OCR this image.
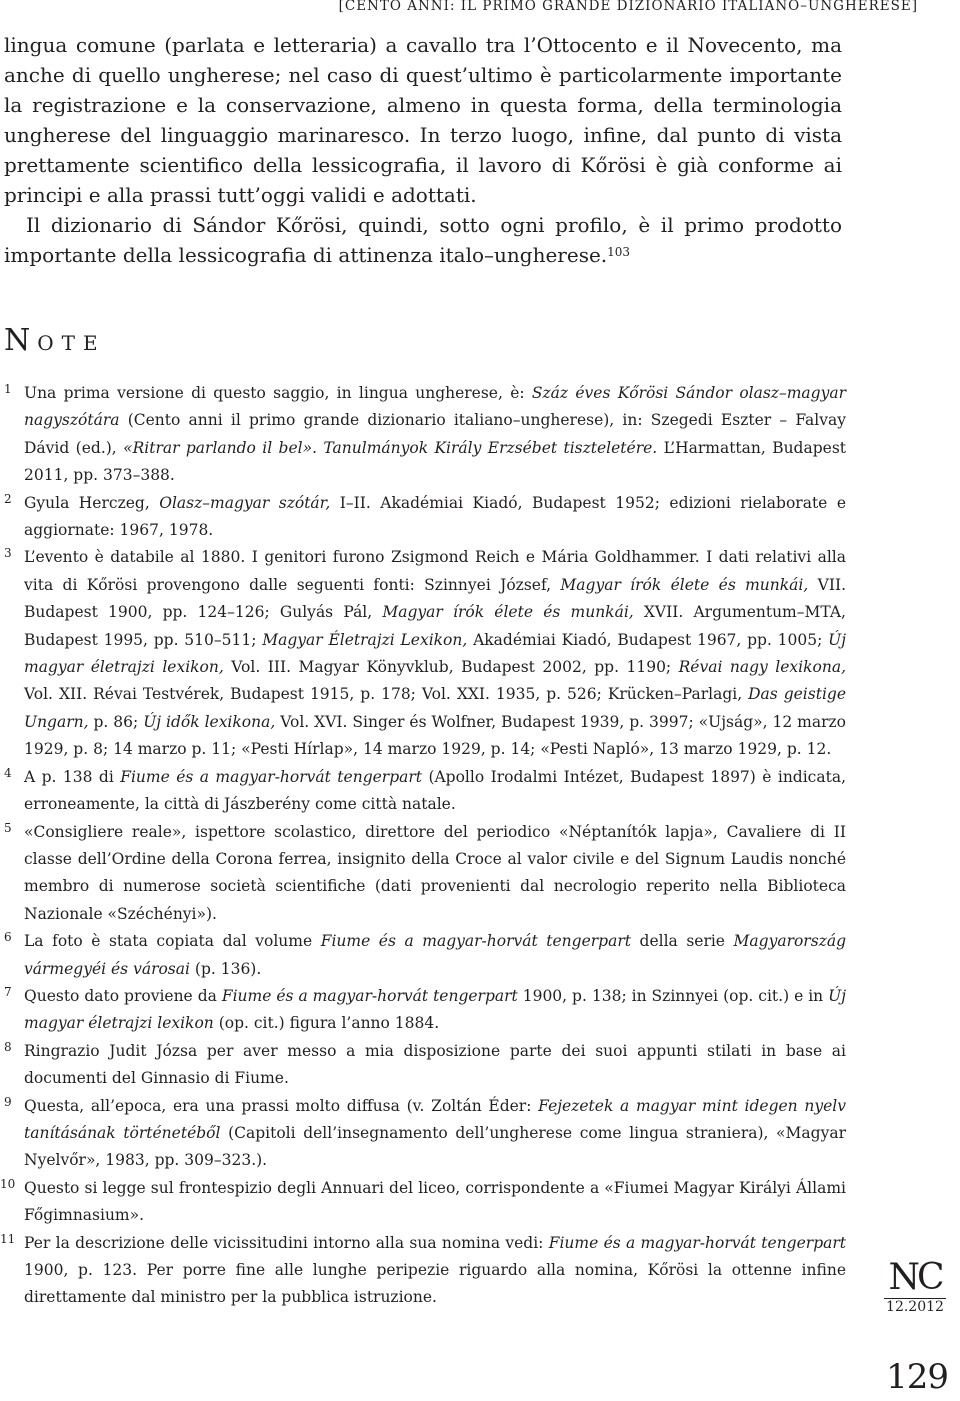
[CENTO ANNI: IL PRIMO GRANDE DIZIONARIO ITALIANO–UNGHERESE]

lingua comune (parlata e letteraria) a cavallo tra l’Ottocento e il Novecento, ma anche di quello ungherese; nel caso di quest’ultimo è particolarmente importante la registrazione e la conservazione, almeno in questa forma, della terminologia ungherese del linguaggio marinaresco. In terzo luogo, infine, dal punto di vista prettamente scientifico della lessicografia, il lavoro di Kőrösi è già conforme ai principi e alla prassi tutt’oggi validi e adottati.

Il dizionario di Sándor Kőrösi, quindi, sotto ogni profilo, è il primo prodotto importante della lessicografia di attinenza italo–ungherese.$^{103}$

NOTE

1 Una prima versione di questo saggio, in lingua ungherese, è: Száz éves Kőrösi Sándor olasz–magyar nagyszótára (Cento anni il primo grande dizionario italiano–ungherese), in: Szegedi Eszter – Falvay Dávid (ed.), «Ritrar parlando il bel». Tanulmányok Király Erzsébet tiszteletére. L’Harmattan, Budapest 2011, pp. 373–388.

2 Gyula Herczeg, Olasz–magyar szótár, I–II. Akadémiai Kiadó, Budapest 1952; edizioni rielaborate e aggiornate: 1967, 1978.

3 L’evento è databile al 1880. I genitori furono Zsigmond Reich e Mária Goldhammer. I dati relativi alla vita di Kőrösi provengono dalle seguenti fonti: Szinnyei József, Magyar írók élete és munkái, VII. Budapest 1900, pp. 124–126; Gulyás Pál, Magyar írók élete és munkái, XVII. Argumentum–MTA, Budapest 1995, pp. 510–511; Magyar Életrajzi Lexikon, Akadémiai Kiadó, Budapest 1967, pp. 1005; Új magyar életrajzi lexikon, Vol. III. Magyar Könyvklub, Budapest 2002, pp. 1190; Révai nagy lexikona, Vol. XII. Révai Testvérek, Budapest 1915, p. 178; Vol. XXI. 1935, p. 526; Krücken–Parlagi, Das geistige Ungarn, p. 86; Új idők lexikona, Vol. XVI. Singer és Wolfner, Budapest 1939, p. 3997; «Ujság», 12 marzo 1929, p. 8; 14 marzo p. 11; «Pesti Hírlap», 14 marzo 1929, p. 14; «Pesti Napló», 13 marzo 1929, p. 12.

4 A p. 138 di Fiume és a magyar-horvát tengerpart (Apollo Irodalmi Intézet, Budapest 1897) è indicata, erroneamente, la città di Jászberény come città natale.

5 «Consigliere reale», ispettore scolastico, direttore del periodico «Néptanítók lapja», Cavaliere di II classe dell’Ordine della Corona ferrea, insignito della Croce al valor civile e del Signum Laudis nonché membro di numerose società scientifiche (dati provenienti dal necrologio reperito nella Biblioteca Nazionale «Széchényi»).

6 La foto è stata copiata dal volume Fiume és a magyar-horvát tengerpart della serie Magyarország vármegyéi és városai (p. 136).

7 Questo dato proviene da Fiume és a magyar-horvát tengerpart 1900, p. 138; in Szinnyei (op. cit.) e in Új magyar életrajzi lexikon (op. cit.) figura l’anno 1884.

8 Ringrazio Judit Józsa per aver messo a mia disposizione parte dei suoi appunti stilati in base ai documenti del Ginnasio di Fiume.

9 Questa, all’epoca, era una prassi molto diffusa (v. Zoltán Éder: Fejezetek a magyar mint idegen nyelv tanításának történetéből (Capitoli dell’insegnamento dell’ungherese come lingua straniera), «Magyar Nyelvőr», 1983, pp. 309–323.).

10 Questo si legge sul frontespizio degli Annuari del liceo, corrispondente a «Fiumei Magyar Királyi Állami Főgimnasium».

11 Per la descrizione delle vicissitudini intorno alla sua nomina vedi: Fiume és a magyar-horvát tengerpart 1900, p. 123. Per porre fine alle lunghe peripezie riguardo alla nomina, Kőrösi la ottenne infine direttamente dal ministro per la pubblica istruzione.	NC
12.2012
129
